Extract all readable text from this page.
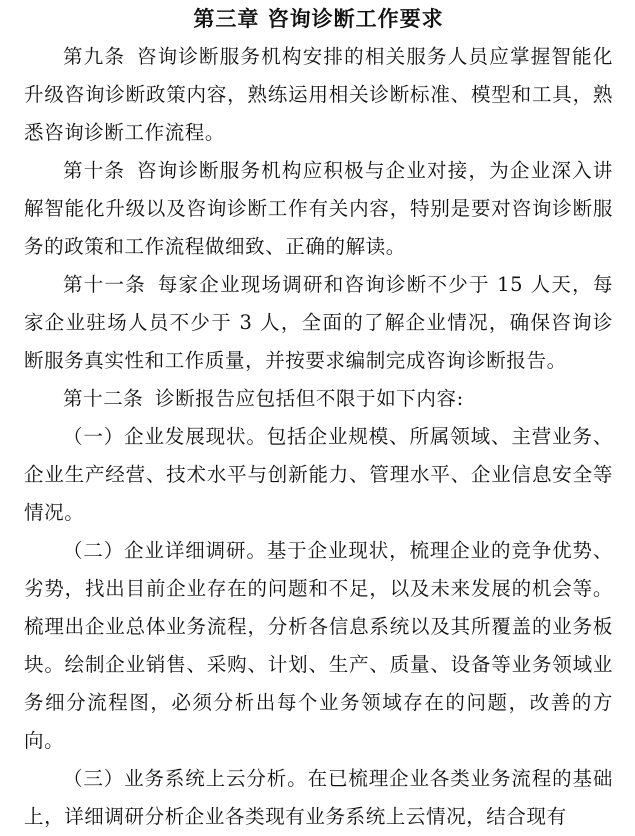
第三章 咨询诊断工作要求

第九条 咨询诊断服务机构安排的相关服务人员应掌握智能化升级咨询诊断政策内容，熟练运用相关诊断标准、模型和工具，熟悉咨询诊断工作流程。

第十条 咨询诊断服务机构应积极与企业对接，为企业深入讲解智能化升级以及咨询诊断工作有关内容，特别是要对咨询诊断服务的政策和工作流程做细致、正确的解读。

第十一条 每家企业现场调研和咨询诊断不少于 15 人天，每家企业驻场人员不少于 3 人，全面的了解企业情况，确保咨询诊断服务真实性和工作质量，并按要求编制完成咨询诊断报告。

第十二条 诊断报告应包括但不限于如下内容:

（一）企业发展现状。包括企业规模、所属领域、主营业务、企业生产经营、技术水平与创新能力、管理水平、企业信息安全等情况。

（二）企业详细调研。基于企业现状，梳理企业的竞争优势、劣势，找出目前企业存在的问题和不足，以及未来发展的机会等。梳理出企业总体业务流程，分析各信息系统以及其所覆盖的业务板块。绘制企业销售、采购、计划、生产、质量、设备等业务领域业务细分流程图，必须分析出每个业务领域存在的问题，改善的方向。

（三）业务系统上云分析。在已梳理企业各类业务流程的基础上，详细调研分析企业各类现有业务系统上云情况，结合现有
